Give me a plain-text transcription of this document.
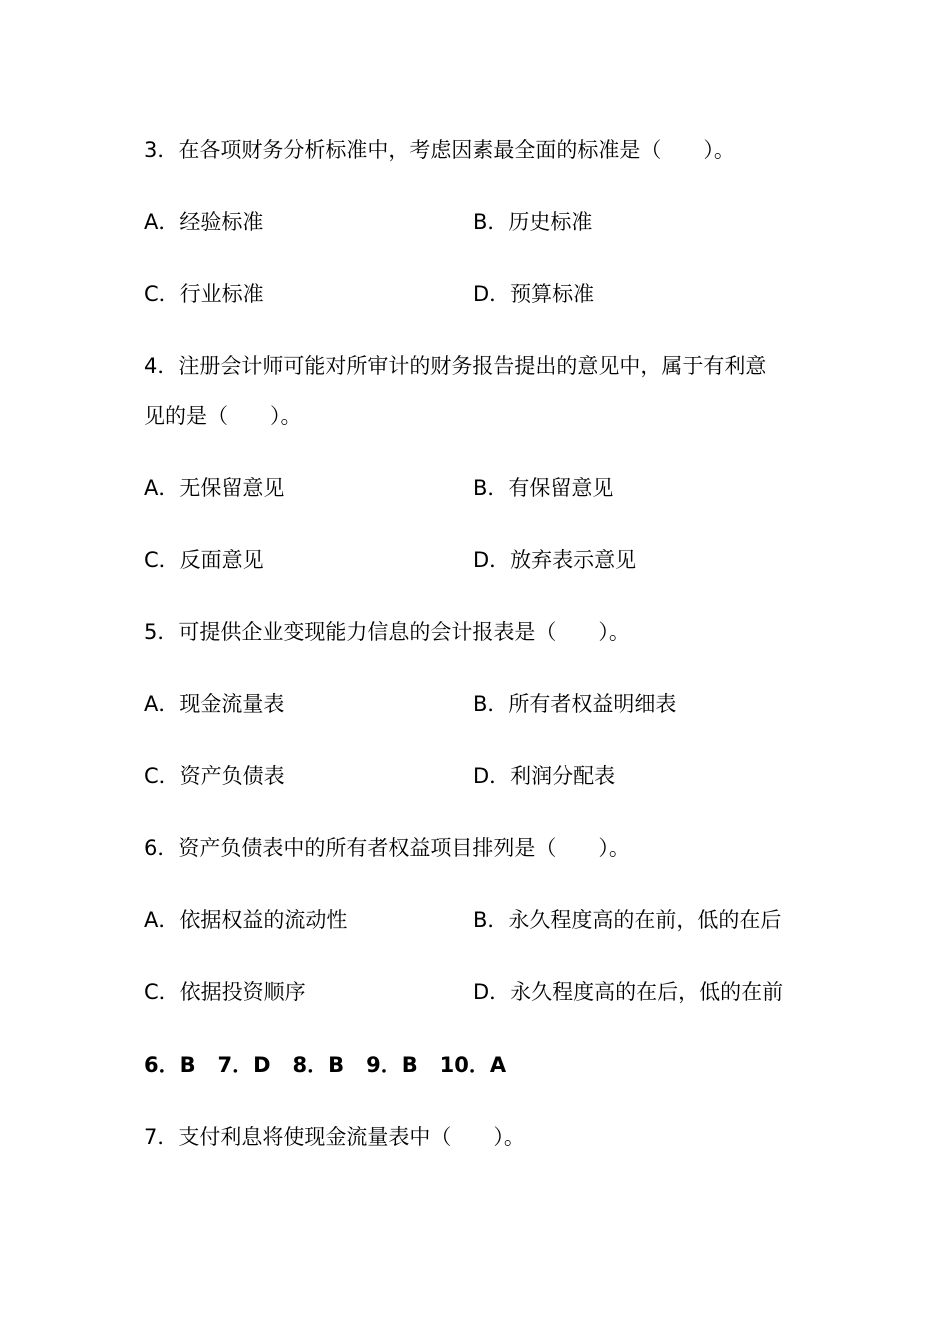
3．在各项财务分析标准中，考虑因素最全面的标准是（　　）。
A．经验标准	B．历史标准
C．行业标准	D．预算标准
4．注册会计师可能对所审计的财务报告提出的意见中，属于有利意
见的是（　　）。
A．无保留意见	B．有保留意见
C．反面意见	D．放弃表示意见
5．可提供企业变现能力信息的会计报表是（　　）。
A．现金流量表	B．所有者权益明细表
C．资产负债表	D．利润分配表
6．资产负债表中的所有者权益项目排列是（　　）。
A．依据权益的流动性	B．永久程度高的在前，低的在后
C．依据投资顺序	D．永久程度高的在后，低的在前
6．B   7．D   8．B   9．B   10．A
7．支付利息将使现金流量表中（　　）。
